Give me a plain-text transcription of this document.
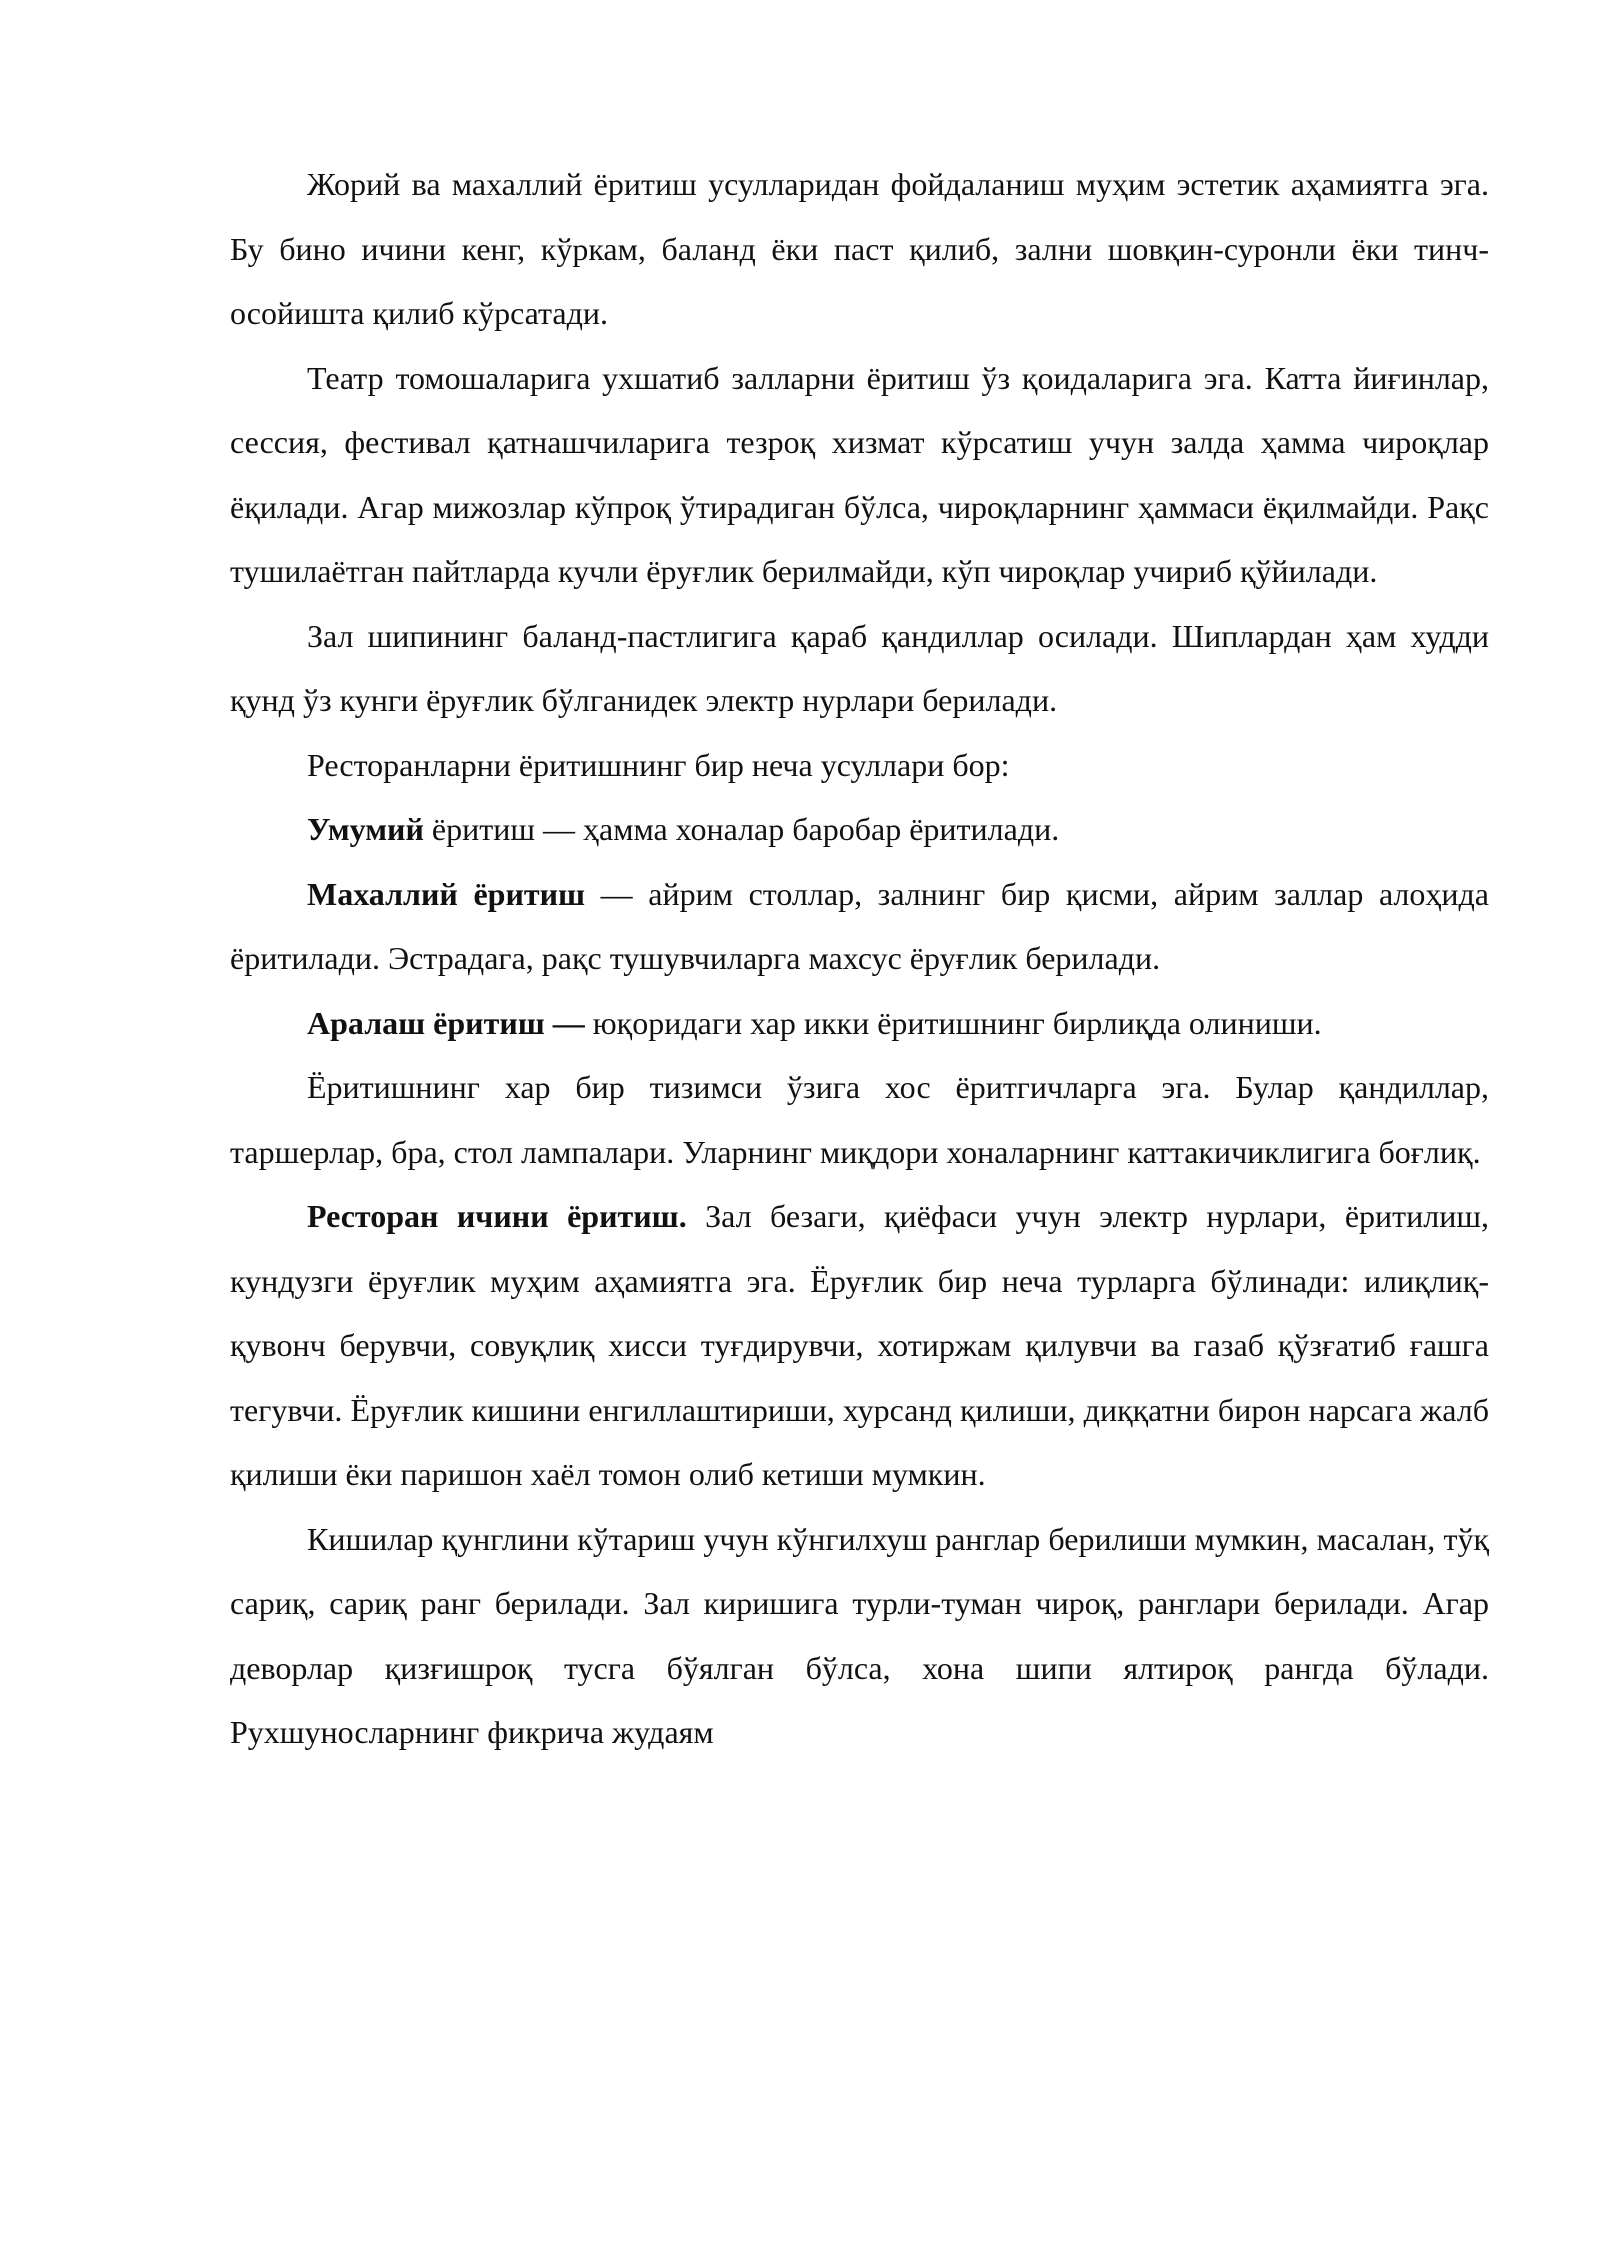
Жорий ва махаллий ёритиш усулларидан фойдаланиш муҳим эстетик аҳамиятга эга. Бу бино ичини кенг, кўркам, баланд ёки паст қилиб, зални шовқин-суронли ёки тинч-осойишта қилиб кўрсатади.

Театр томошаларига ухшатиб залларни ёритиш ўз қоидаларига эга. Катта йиғинлар, сессия, фестивал қатнашчиларига тезроқ хизмат кўрсатиш учун залда ҳамма чироқлар ёқилади. Агар мижозлар кўпроқ ўтирадиган бўлса, чироқларнинг ҳаммаси ёқилмайди. Рақс тушилаётган пайтларда кучли ёруғлик берилмайди, кўп чироқлар учириб қўйилади.

Зал шипининг баланд-пастлигига қараб қандиллар осилади. Шиплардан ҳам худди қунд ўз кунги ёруғлик бўлганидек электр нурлари берилади.

Ресторанларни ёритишнинг бир неча усуллари бор:

Умумий ёритиш — ҳамма хоналар баробар ёритилади.

Махаллий ёритиш — айрим столлар, залнинг бир қисми, айрим заллар алоҳида ёритилади. Эстрадага, рақс тушувчиларга махсус ёруғлик берилади.

Аралаш ёритиш — юқоридаги хар икки ёритишнинг бирлиқда олиниши.

Ёритишнинг хар бир тизимси ўзига хос ёритгичларга эга. Булар қандиллар, таршерлар, бра, стол лампалари. Уларнинг миқдори хоналарнинг каттакичиклигига боғлиқ.

Ресторан ичини ёритиш. Зал безаги, қиёфаси учун электр нурлари, ёритилиш, кундузги ёруғлик муҳим аҳамиятга эга. Ёруғлик бир неча турларга бўлинади: илиқлиқ-қувонч берувчи, совуқлиқ хисси туғдирувчи, хотиржам қилувчи ва газаб қўзғатиб ғашга тегувчи. Ёруғлик кишини енгиллаштириши, хурсанд қилиши, диққатни бирон нарсага жалб қилиши ёки паришон хаёл томон олиб кетиши мумкин.

Кишилар қунглини кўтариш учун кўнгилхуш ранглар берилиши мумкин, масалан, тўқ сариқ, сариқ ранг берилади. Зал киришига турли-туман чироқ, ранглари берилади. Агар деворлар қизғишроқ тусга бўялган бўлса, хона шипи ялтироқ рангда бўлади. Рухшуносларнинг фикрича жудаям
